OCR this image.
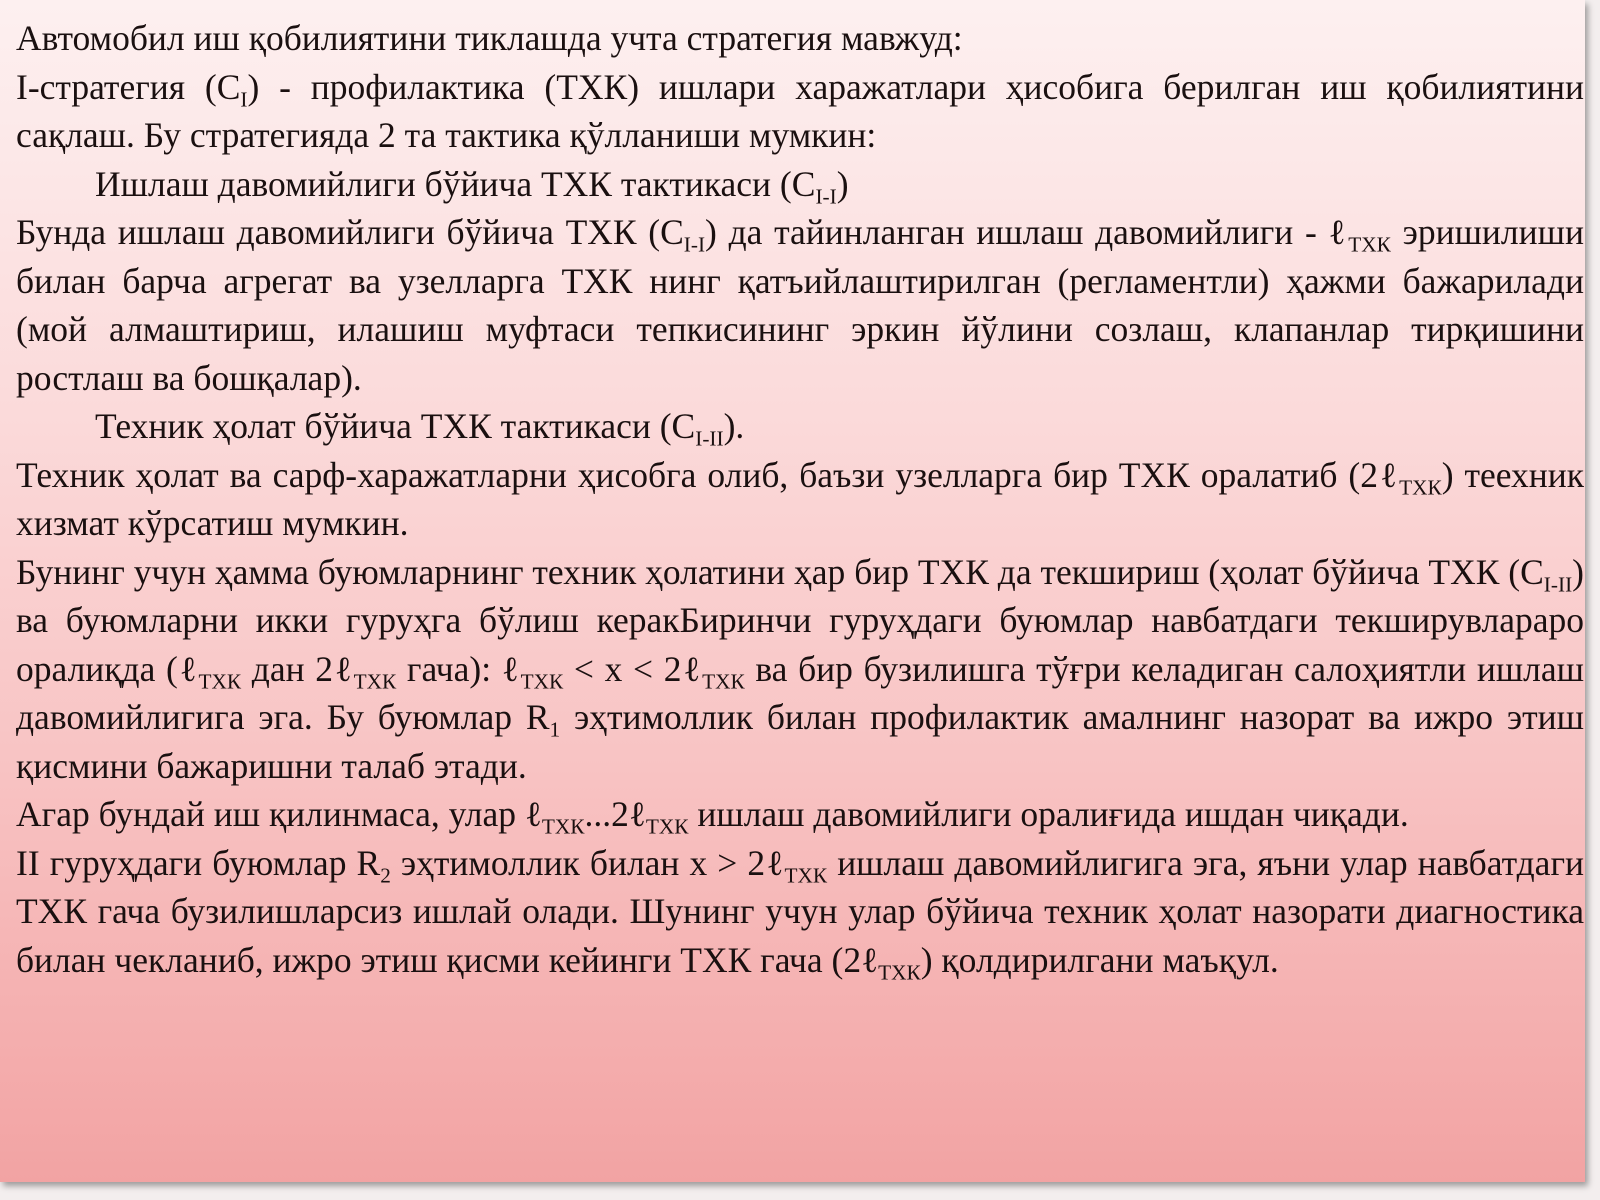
Автомобил иш қобилиятини тиклашда учта стратегия мавжуд:
I-стратегия $(С_I)$ - профилактика (ТХК) ишлари харажатлари ҳисобига берилган иш қобилиятини сақлаш. Бу стратегияда 2 та тактика қўлланиши мумкин:
Ишлаш давомийлиги бўйича ТХК тактикаси $(С_{I-I})$
Бунда ишлаш давомийлиги бўйича ТХК $(С_{I-I})$ да тайинланган ишлаш давомийлиги - ℓ$_{ТХК}$ эришилиши билан барча агрегат ва узелларга ТХК нинг қатъийлаштирилган (регламентли) ҳажми бажарилади (мой алмаштириш, илашиш муфтаси тепкисининг эркин йўлини созлаш, клапанлар тирқишини ростлаш ва бошқалар).
Техник ҳолат бўйича ТХК тактикаси $(С_{I-II})$.
Техник ҳолат ва сарф-харажатларни ҳисобга олиб, баъзи узелларга бир ТХК оралатиб (2ℓ$_{ТХК}$) теехник хизмат кўрсатиш мумкин.
Бунинг учун ҳамма буюмларнинг техник ҳолатини ҳар бир ТХК да текшириш (ҳолат бўйича ТХК $(С_{I-II})$ ва буюмларни икки гуруҳга бўлиш керакБиринчи гуруҳдаги буюмлар навбатдаги текширувлараро оралиқда (ℓ$_{ТХК}$ дан 2ℓ$_{ТХК}$ гача): ℓ$_{ТХК}$ < x < 2ℓ$_{ТХК}$ ва бир бузилишга тўғри келадиган салоҳиятли ишлаш давомийлигига эга. Бу буюмлар $R_1$ эҳтимоллик билан профилактик амалнинг назорат ва ижро этиш қисмини бажаришни талаб этади.
Агар бундай иш қилинмаса, улар ℓ$_{ТХК}$...2ℓ$_{ТХК}$ ишлаш давомийлиги оралиғида ишдан чиқади.
II гуруҳдаги буюмлар $R_2$ эҳтимоллик билан x > 2ℓ$_{ТХК}$ ишлаш давомийлигига эга, яъни улар навбатдаги ТХК гача бузилишларсиз ишлай олади. Шунинг учун улар бўйича техник ҳолат назорати диагностика билан чекланиб, ижро этиш қисми кейинги ТХК гача (2ℓ$_{ТХК}$) қолдирилгани маъқул.
